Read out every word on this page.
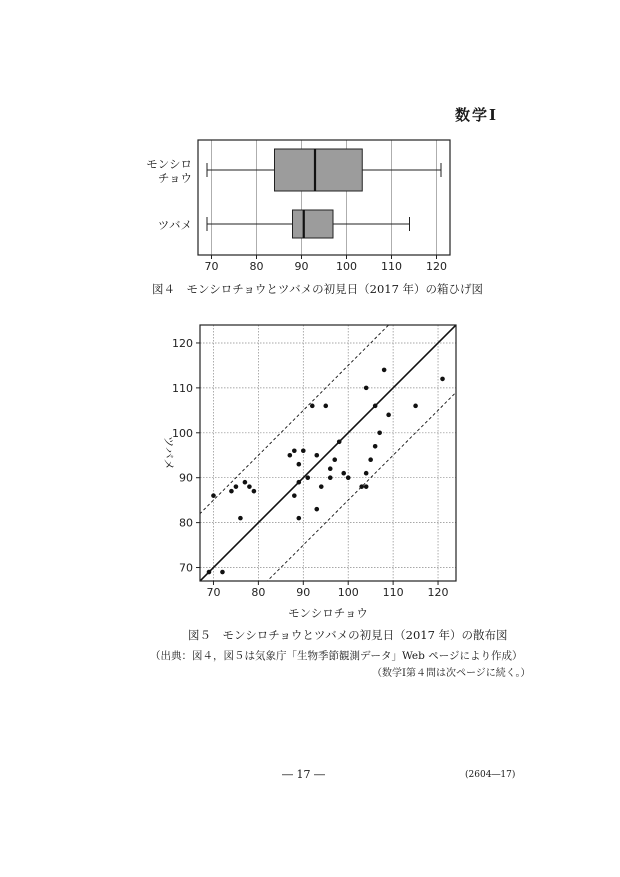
数学Ⅰ
モンシロ
チョウ
ツバメ
70	80	90	100 110 120
図４　モンシロチョウとツバメの初見日（2017 年）の箱ひげ図
70	80	90 100 110 120
70
80
90
100
110
120
モンシロチョウ
ツバメ
図５　モンシロチョウとツバメの初見日（2017 年）の散布図
（出典：図４，図５は気象庁「生物季節観測データ」Web ページにより作成）
（数学Ⅰ第４問は次ページに続く。）
― 17 ―	(2604―17)
